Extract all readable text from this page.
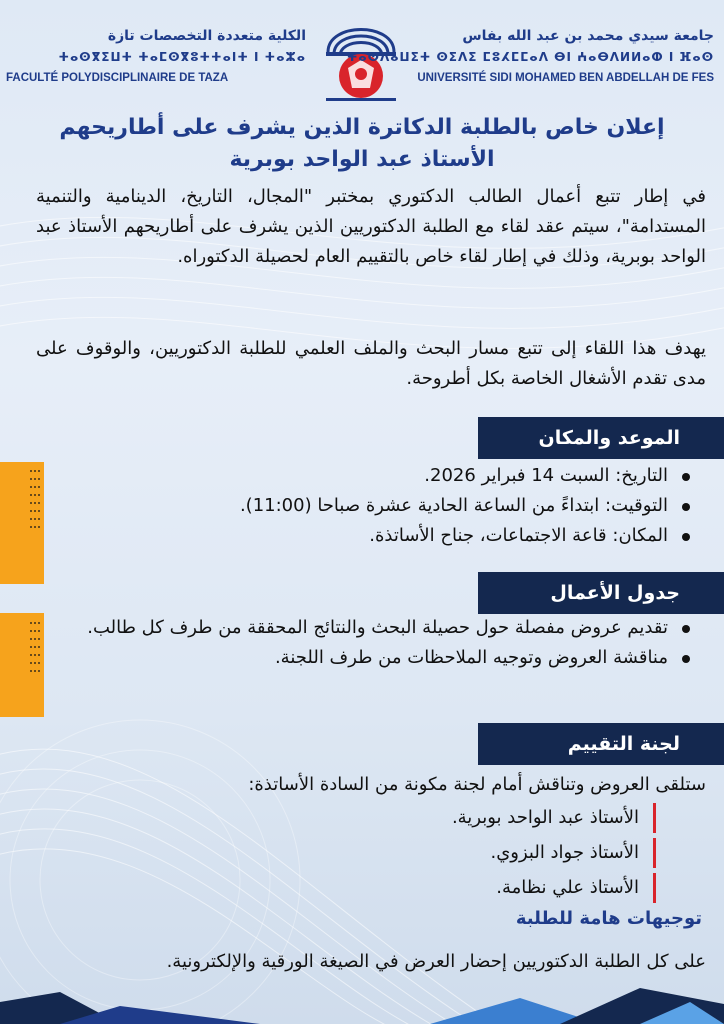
الكلية متعددة التخصصات تازة
ⵜⴰⵙⴳⵉⵡⵜ ⵜⴰⵎⵙⴳⵓⵜⵜⴰⵏⵜ ⵏ ⵜⴰⵣⴰ
FACULTÉ POLYDISCIPLINAIRE DE TAZA
جامعة سيدي محمد بن عبد الله بفاس
ⵜⴰⵙⴷⴰⵡⵉⵜ ⵙⵉⴷⵉ ⵎⵓⵃⵎⵎⴰⴷ ⴱⵏ ⵄⴰⴱⴷⵍⵍⴰⵀ ⵏ ⴼⴰⵙ
UNIVERSITÉ SIDI MOHAMED BEN ABDELLAH DE FES
إعلان خاص بالطلبة الدكاترة الذين يشرف على أطاريحهم
الأستاذ عبد الواحد بوبرية

في إطار تتبع أعمال الطالب الدكتوري بمختبر "المجال، التاريخ، الدينامية والتنمية المستدامة"، سيتم عقد لقاء مع الطلبة الدكتوريين الذين يشرف على أطاريحهم الأستاذ عبد الواحد بوبرية، وذلك في إطار لقاء خاص بالتقييم العام لحصيلة الدكتوراه.

يهدف هذا اللقاء إلى تتبع مسار البحث والملف العلمي للطلبة الدكتوريين، والوقوف على مدى تقدم الأشغال الخاصة بكل أطروحة.

الموعد والمكان
التاريخ: السبت 14 فبراير 2026.
التوقيت: ابتداءً من الساعة الحادية عشرة صباحا (11:00).
المكان: قاعة الاجتماعات، جناح الأساتذة.
جدول الأعمال
تقديم عروض مفصلة حول حصيلة البحث والنتائج المحققة من طرف كل طالب.
مناقشة العروض وتوجيه الملاحظات من طرف اللجنة.
لجنة التقييم
ستلقى العروض وتناقش أمام لجنة مكونة من السادة الأساتذة:
الأستاذ عبد الواحد بوبرية.
الأستاذ جواد البزوي.
الأستاذ علي نظامة.
توجيهات هامة للطلبة
على كل الطلبة الدكتوريين إحضار العرض في الصيغة الورقية والإلكترونية.
